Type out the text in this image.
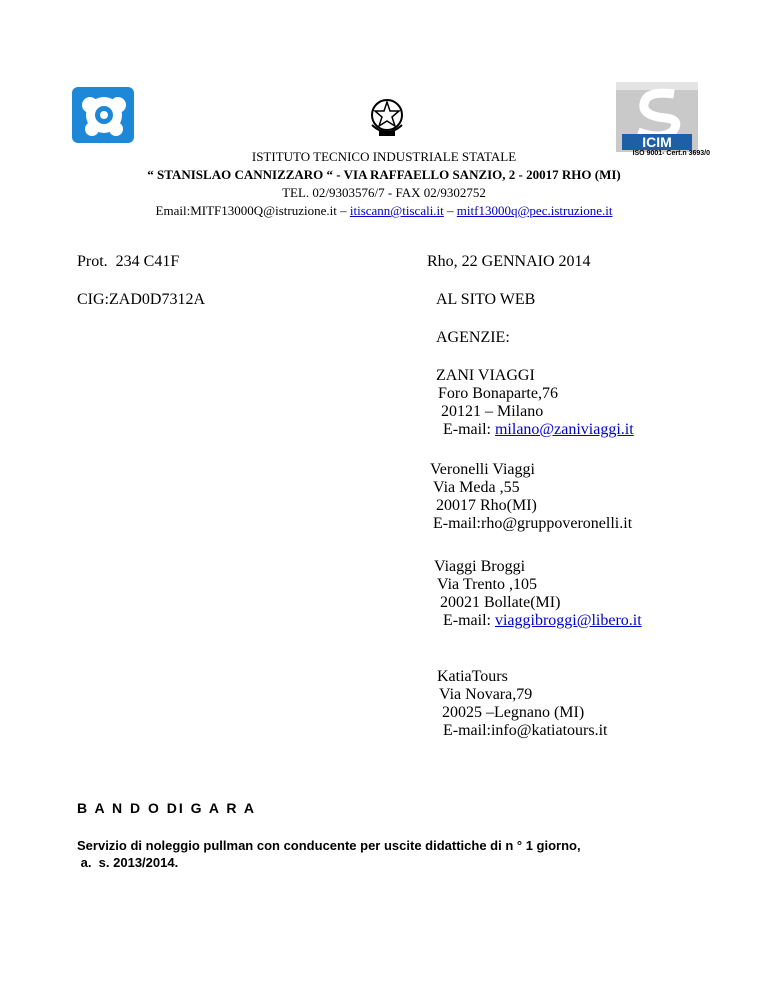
ICIM
ISO 9001- Cert.n 3693/0
ISTITUTO TECNICO INDUSTRIALE STATALE
“ STANISLAO CANNIZZARO “ - VIA RAFFAELLO SANZIO, 2 - 20017 RHO (MI)
TEL. 02/9303576/7 - FAX 02/9302752
Email:MITF13000Q@istruzione.it – itiscann@tiscali.it – mitf13000q@pec.istruzione.it
Prot.  234 C41F	Rho, 22 GENNAIO 2014
CIG:ZAD0D7312A	AL SITO WEB
AGENZIE:
ZANI VIAGGI
Foro Bonaparte,76
20121 – Milano
E-mail: milano@zaniviaggi.it
Veronelli Viaggi
Via Meda ,55
20017 Rho(MI)
E-mail:rho@gruppoveronelli.it
Viaggi Broggi
Via Trento ,105
20021 Bollate(MI)
E-mail: viaggibroggi@libero.it
KatiaTours
Via Novara,79
20025 –Legnano (MI)
E-mail:info@katiatours.it
B A N D O DI G A R A
Servizio di noleggio pullman con conducente per uscite didattiche di n ° 1 giorno,
a.  s. 2013/2014.
